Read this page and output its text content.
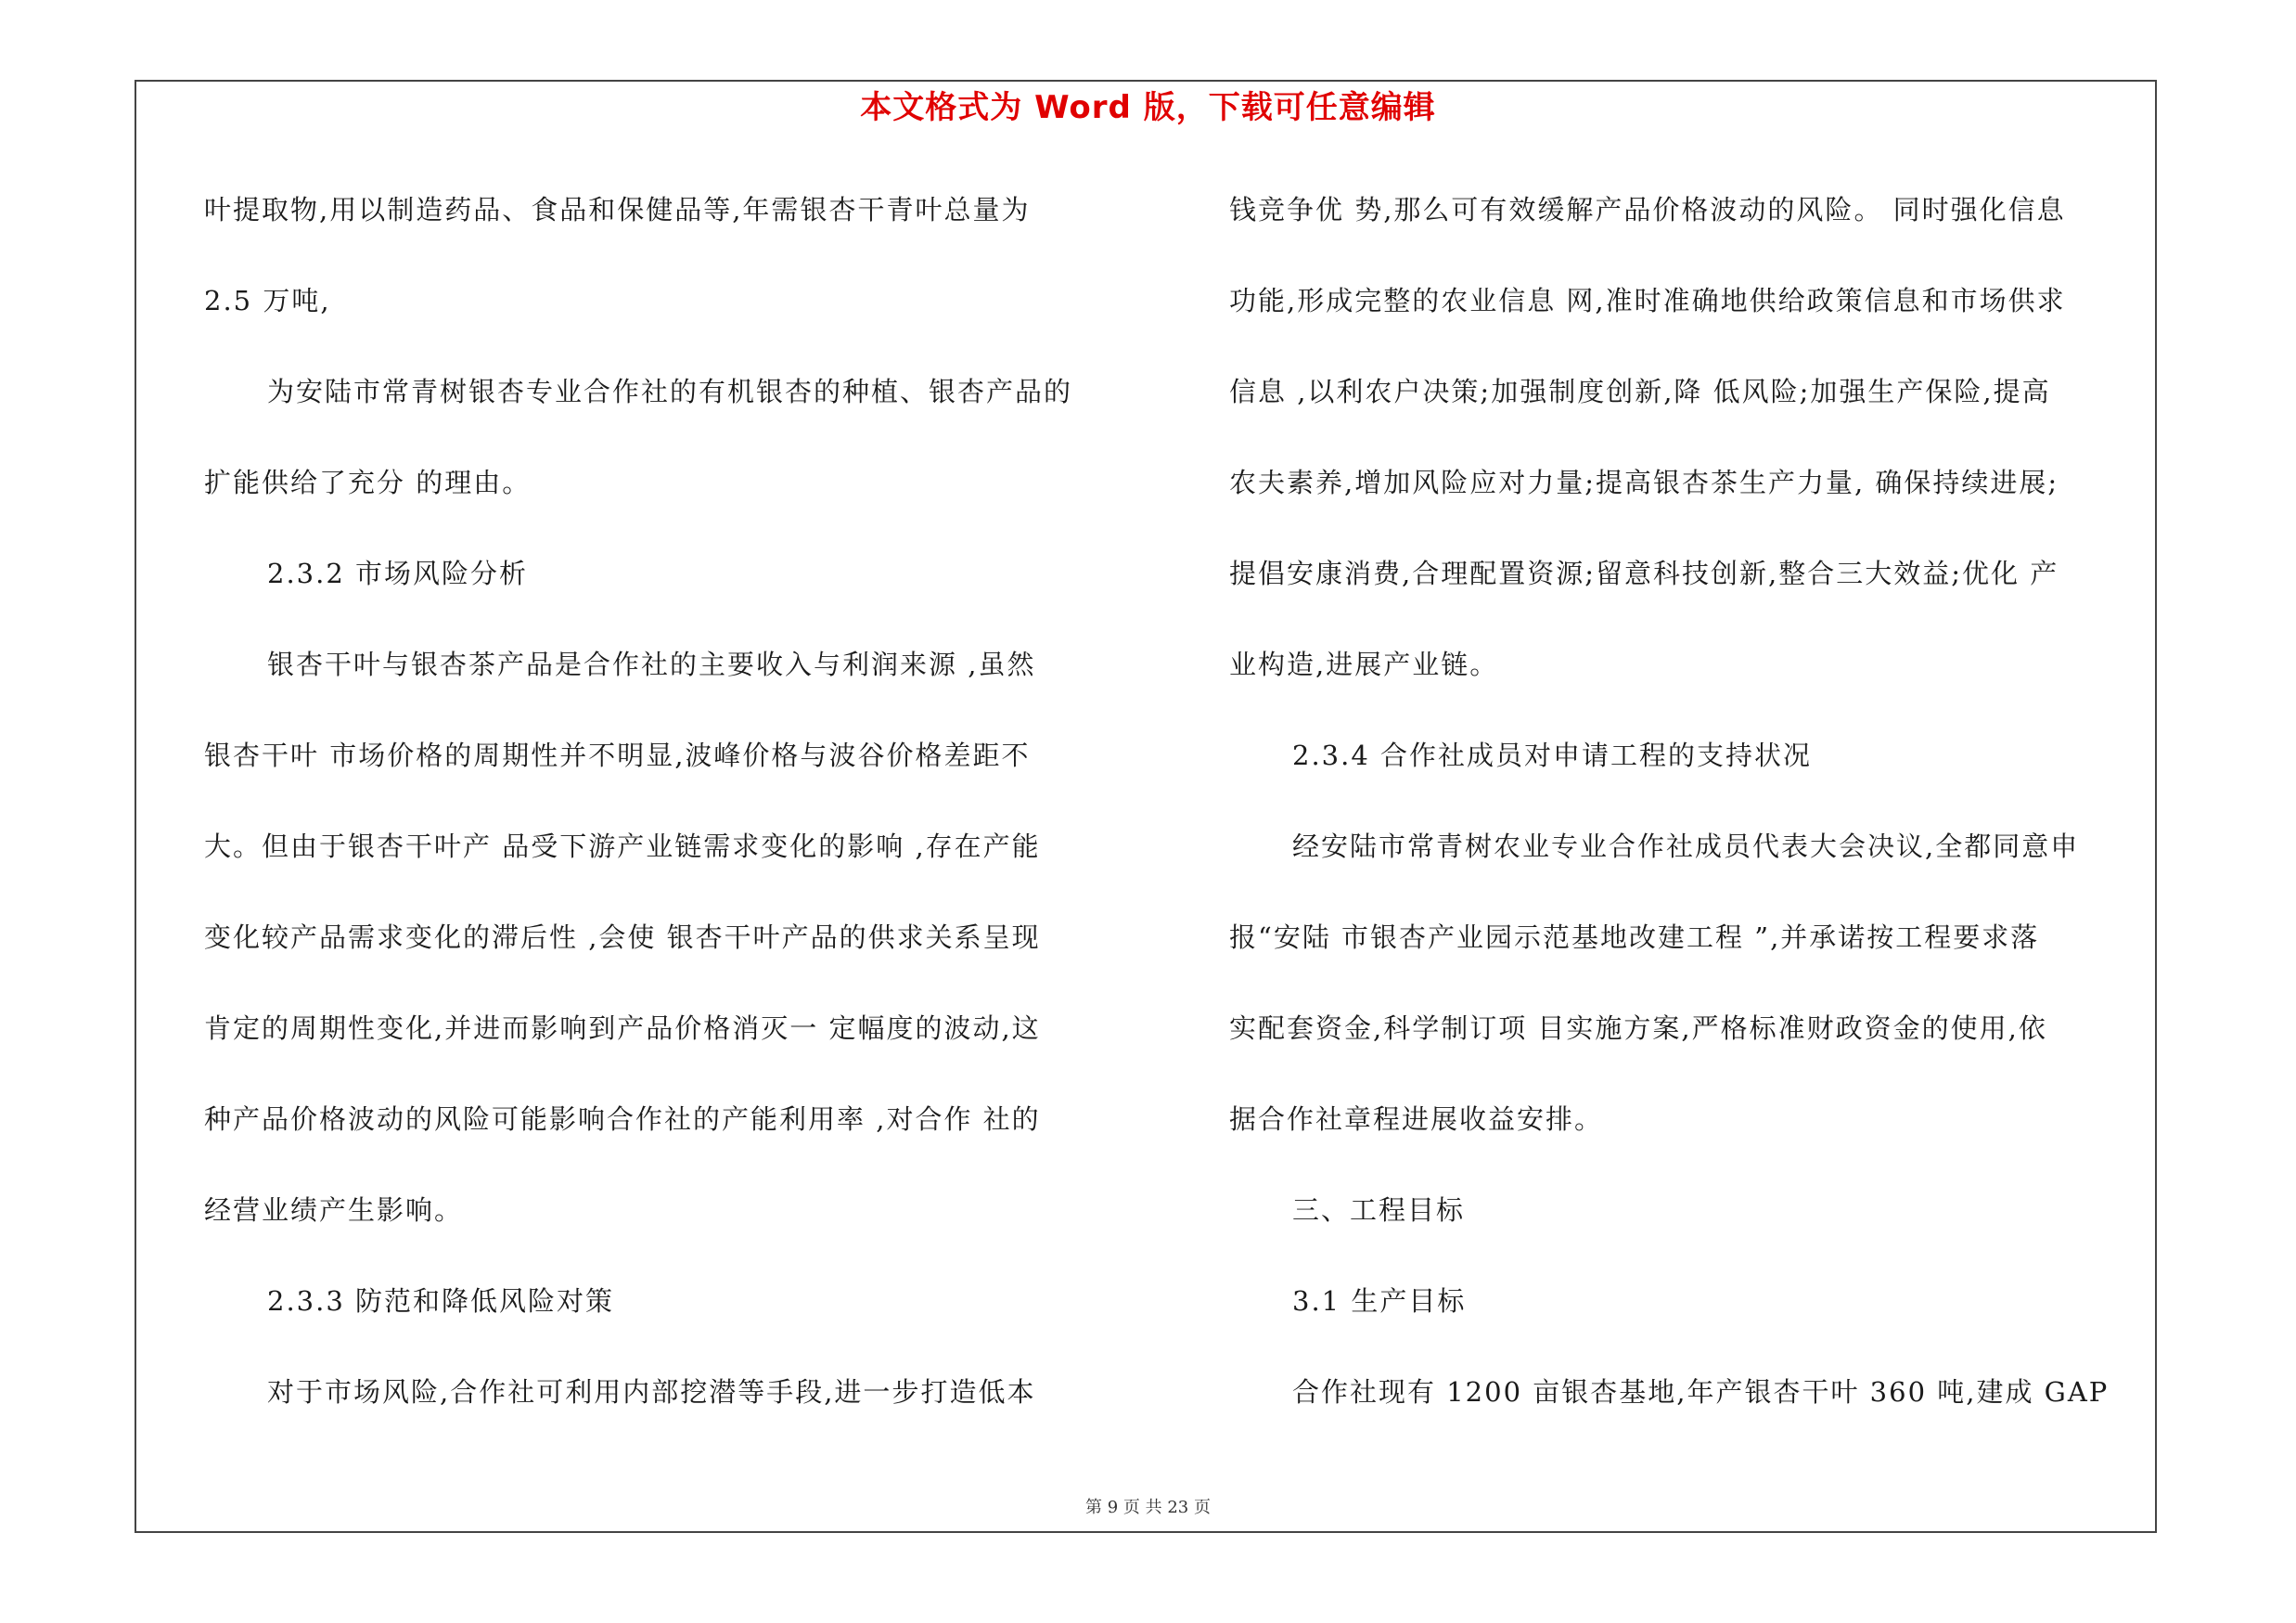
本文格式为 Word 版，下载可任意编辑
叶提取物,用以制造药品、食品和保健品等,年需银杏干青叶总量为
2.5 万吨,
为安陆市常青树银杏专业合作社的有机银杏的种植、银杏产品的
扩能供给了充分 的理由。
2.3.2 市场风险分析
银杏干叶与银杏茶产品是合作社的主要收入与利润来源 ,虽然
银杏干叶 市场价格的周期性并不明显,波峰价格与波谷价格差距不
大。但由于银杏干叶产 品受下游产业链需求变化的影响 ,存在产能
变化较产品需求变化的滞后性 ,会使 银杏干叶产品的供求关系呈现
肯定的周期性变化,并进而影响到产品价格消灭一 定幅度的波动,这
种产品价格波动的风险可能影响合作社的产能利用率 ,对合作 社的
经营业绩产生影响。
2.3.3 防范和降低风险对策
对于市场风险,合作社可利用内部挖潜等手段,进一步打造低本
钱竞争优 势,那么可有效缓解产品价格波动的风险。 同时强化信息
功能,形成完整的农业信息 网,准时准确地供给政策信息和市场供求
信息 ,以利农户决策;加强制度创新,降 低风险;加强生产保险,提高
农夫素养,增加风险应对力量;提高银杏茶生产力量, 确保持续进展;
提倡安康消费,合理配置资源;留意科技创新,整合三大效益;优化 产
业构造,进展产业链。
2.3.4 合作社成员对申请工程的支持状况
经安陆市常青树农业专业合作社成员代表大会决议,全都同意申
报“安陆 市银杏产业园示范基地改建工程 ”,并承诺按工程要求落
实配套资金,科学制订项 目实施方案,严格标准财政资金的使用,依
据合作社章程进展收益安排。
三、工程目标
3.1 生产目标
合作社现有 1200 亩银杏基地,年产银杏干叶 360 吨,建成 GAP
第 9 页 共 23 页
